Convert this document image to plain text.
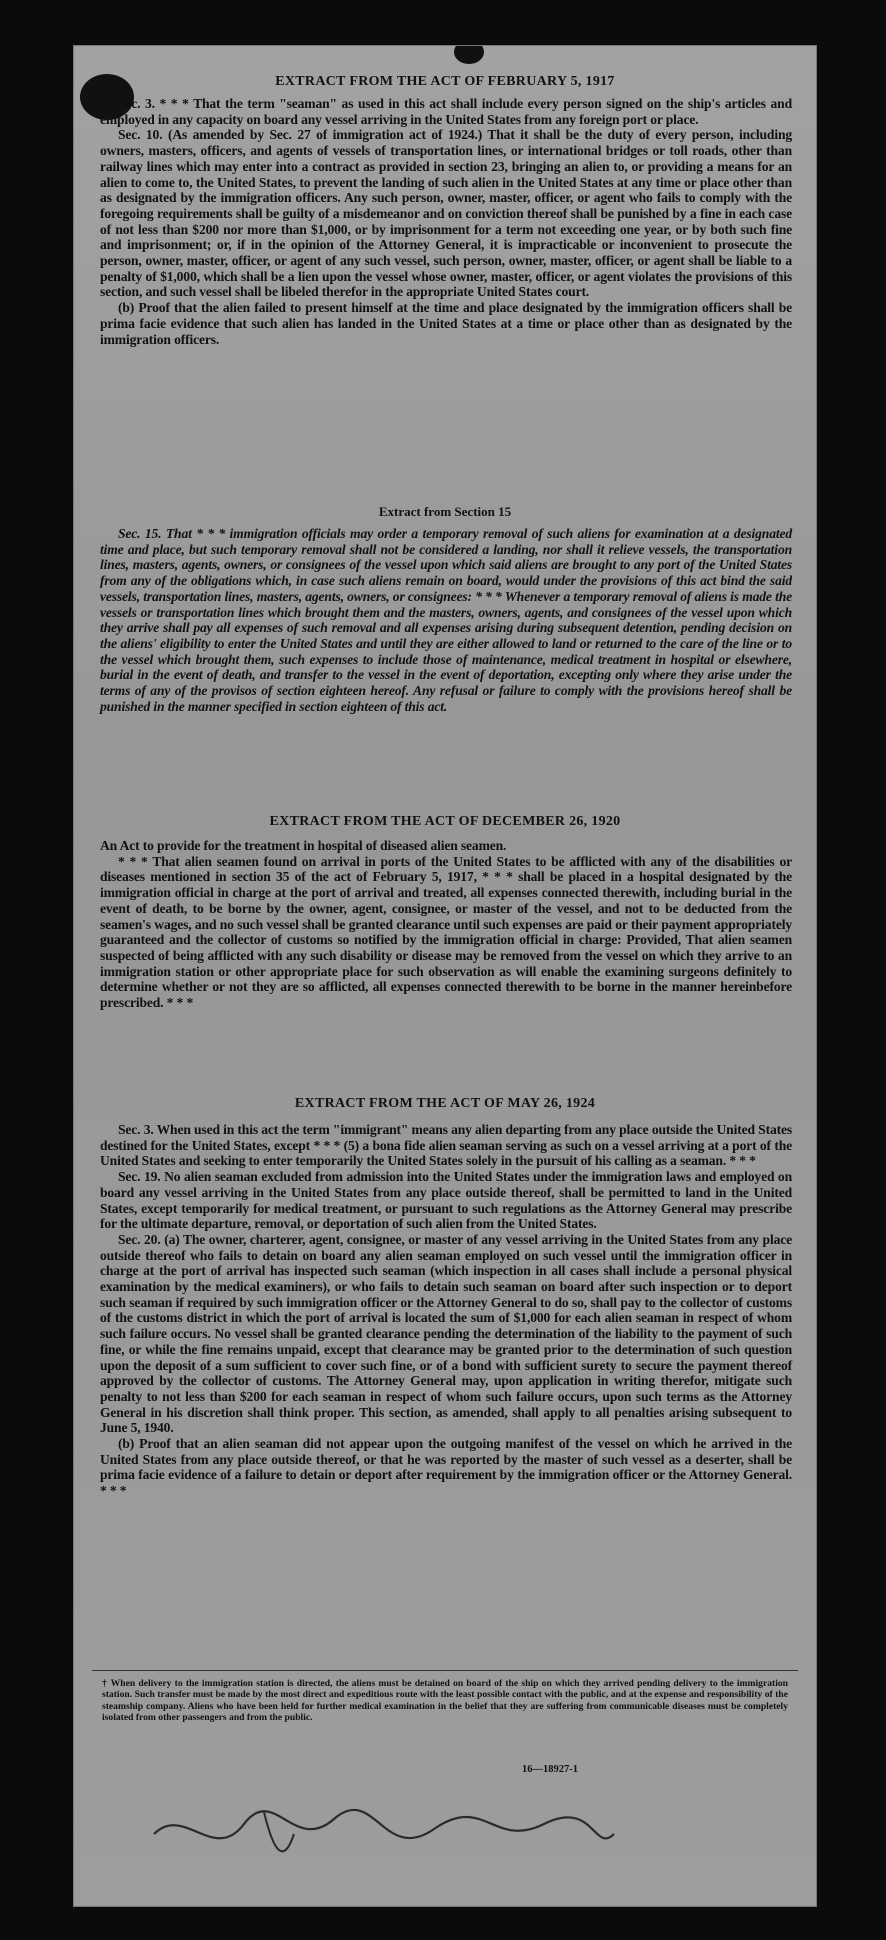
EXTRACT FROM THE ACT OF FEBRUARY 5, 1917

Sec. 3. * * * That the term "seaman" as used in this act shall include every person signed on the ship's articles and employed in any capacity on board any vessel arriving in the United States from any foreign port or place.

Sec. 10. (As amended by Sec. 27 of immigration act of 1924.) That it shall be the duty of every person, including owners, masters, officers, and agents of vessels of transportation lines, or international bridges or toll roads, other than railway lines which may enter into a contract as provided in section 23, bringing an alien to, or providing a means for an alien to come to, the United States, to prevent the landing of such alien in the United States at any time or place other than as designated by the immigration officers. Any such person, owner, master, officer, or agent who fails to comply with the foregoing requirements shall be guilty of a misdemeanor and on conviction thereof shall be punished by a fine in each case of not less than $200 nor more than $1,000, or by imprisonment for a term not exceeding one year, or by both such fine and imprisonment; or, if in the opinion of the Attorney General, it is impracticable or inconvenient to prosecute the person, owner, master, officer, or agent of any such vessel, such person, owner, master, officer, or agent shall be liable to a penalty of $1,000, which shall be a lien upon the vessel whose owner, master, officer, or agent violates the provisions of this section, and such vessel shall be libeled therefor in the appropriate United States court.

(b) Proof that the alien failed to present himself at the time and place designated by the immigration officers shall be prima facie evidence that such alien has landed in the United States at a time or place other than as designated by the immigration officers.

Extract from Section 15

Sec. 15. That * * * immigration officials may order a temporary removal of such aliens for examination at a designated time and place, but such temporary removal shall not be considered a landing, nor shall it relieve vessels, the transportation lines, masters, agents, owners, or consignees of the vessel upon which said aliens are brought to any port of the United States from any of the obligations which, in case such aliens remain on board, would under the provisions of this act bind the said vessels, transportation lines, masters, agents, owners, or consignees: * * * Whenever a temporary removal of aliens is made the vessels or transportation lines which brought them and the masters, owners, agents, and consignees of the vessel upon which they arrive shall pay all expenses of such removal and all expenses arising during subsequent detention, pending decision on the aliens' eligibility to enter the United States and until they are either allowed to land or returned to the care of the line or to the vessel which brought them, such expenses to include those of maintenance, medical treatment in hospital or elsewhere, burial in the event of death, and transfer to the vessel in the event of deportation, excepting only where they arise under the terms of any of the provisos of section eighteen hereof. Any refusal or failure to comply with the provisions hereof shall be punished in the manner specified in section eighteen of this act.

EXTRACT FROM THE ACT OF DECEMBER 26, 1920

An Act to provide for the treatment in hospital of diseased alien seamen.

* * * That alien seamen found on arrival in ports of the United States to be afflicted with any of the disabilities or diseases mentioned in section 35 of the act of February 5, 1917, * * * shall be placed in a hospital designated by the immigration official in charge at the port of arrival and treated, all expenses connected therewith, including burial in the event of death, to be borne by the owner, agent, consignee, or master of the vessel, and not to be deducted from the seamen's wages, and no such vessel shall be granted clearance until such expenses are paid or their payment appropriately guaranteed and the collector of customs so notified by the immigration official in charge: Provided, That alien seamen suspected of being afflicted with any such disability or disease may be removed from the vessel on which they arrive to an immigration station or other appropriate place for such observation as will enable the examining surgeons definitely to determine whether or not they are so afflicted, all expenses connected therewith to be borne in the manner hereinbefore prescribed. * * *

EXTRACT FROM THE ACT OF MAY 26, 1924

Sec. 3. When used in this act the term "immigrant" means any alien departing from any place outside the United States destined for the United States, except * * * (5) a bona fide alien seaman serving as such on a vessel arriving at a port of the United States and seeking to enter temporarily the United States solely in the pursuit of his calling as a seaman. * * *

Sec. 19. No alien seaman excluded from admission into the United States under the immigration laws and employed on board any vessel arriving in the United States from any place outside thereof, shall be permitted to land in the United States, except temporarily for medical treatment, or pursuant to such regulations as the Attorney General may prescribe for the ultimate departure, removal, or deportation of such alien from the United States.

Sec. 20. (a) The owner, charterer, agent, consignee, or master of any vessel arriving in the United States from any place outside thereof who fails to detain on board any alien seaman employed on such vessel until the immigration officer in charge at the port of arrival has inspected such seaman (which inspection in all cases shall include a personal physical examination by the medical examiners), or who fails to detain such seaman on board after such inspection or to deport such seaman if required by such immigration officer or the Attorney General to do so, shall pay to the collector of customs of the customs district in which the port of arrival is located the sum of $1,000 for each alien seaman in respect of whom such failure occurs. No vessel shall be granted clearance pending the determination of the liability to the payment of such fine, or while the fine remains unpaid, except that clearance may be granted prior to the determination of such question upon the deposit of a sum sufficient to cover such fine, or of a bond with sufficient surety to secure the payment thereof approved by the collector of customs. The Attorney General may, upon application in writing therefor, mitigate such penalty to not less than $200 for each seaman in respect of whom such failure occurs, upon such terms as the Attorney General in his discretion shall think proper. This section, as amended, shall apply to all penalties arising subsequent to June 5, 1940.

(b) Proof that an alien seaman did not appear upon the outgoing manifest of the vessel on which he arrived in the United States from any place outside thereof, or that he was reported by the master of such vessel as a deserter, shall be prima facie evidence of a failure to detain or deport after requirement by the immigration officer or the Attorney General. * * *

† When delivery to the immigration station is directed, the aliens must be detained on board of the ship on which they arrived pending delivery to the immigration station. Such transfer must be made by the most direct and expeditious route with the least possible contact with the public, and at the expense and responsibility of the steamship company. Aliens who have been held for further medical examination in the belief that they are suffering from communicable diseases must be completely isolated from other passengers and from the public.
16—18927-1
